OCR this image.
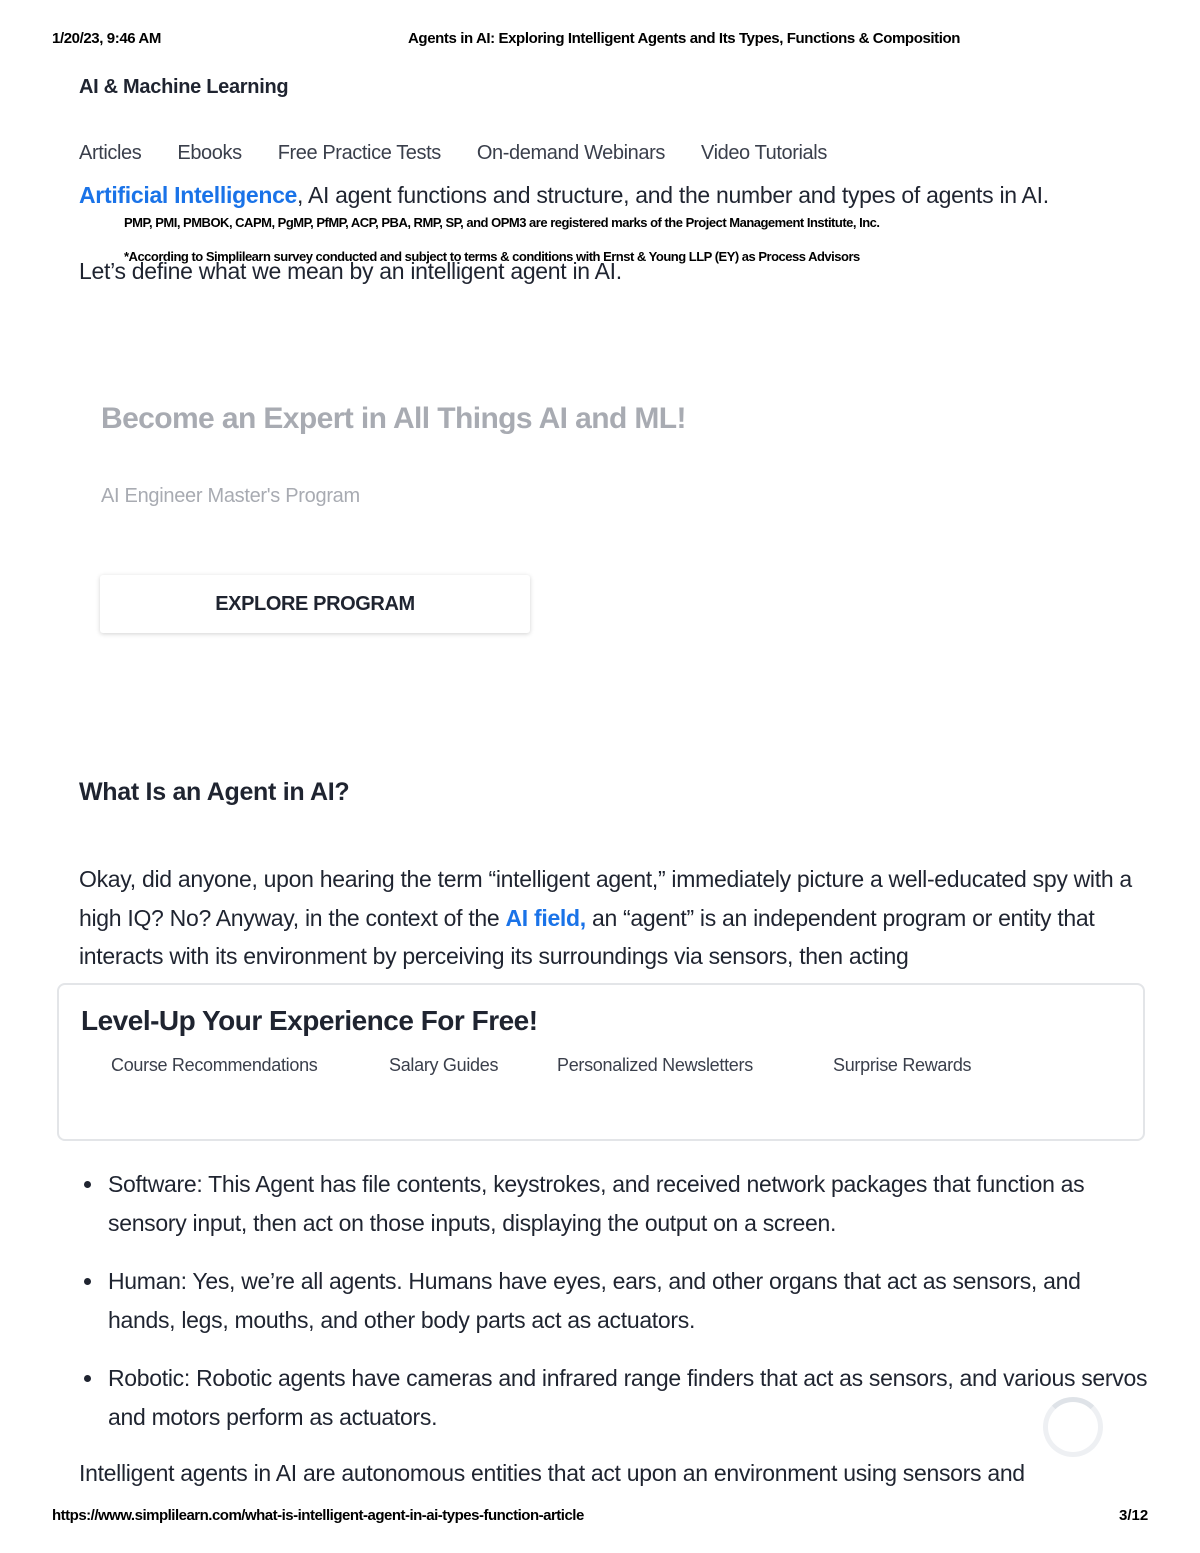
1/20/23, 9:46 AM	Agents in AI: Exploring Intelligent Agents and Its Types, Functions & Composition
AI & Machine Learning
Articles Ebooks Free Practice Tests On-demand Webinars Video Tutorials
Artificial Intelligence, AI agent functions and structure, and the number and types of agents in AI.
PMP, PMI, PMBOK, CAPM, PgMP, PfMP, ACP, PBA, RMP, SP, and OPM3 are registered marks of the Project Management Institute, Inc.
Let’s define what we mean by an intelligent agent in AI.
*According to Simplilearn survey conducted and subject to terms & conditions with Ernst & Young LLP (EY) as Process Advisors
Become an Expert in All Things AI and ML!
AI Engineer Master's Program
EXPLORE PROGRAM
What Is an Agent in AI?
Okay, did anyone, upon hearing the term “intelligent agent,” immediately picture a well-educated spy with a high IQ? No? Anyway, in the context of the AI field, an “agent” is an independent program or entity that interacts with its environment by perceiving its surroundings via sensors, then acting
Level-Up Your Experience For Free!
Course Recommendations	Salary Guides	Personalized Newsletters	Surprise Rewards
Software: This Agent has file contents, keystrokes, and received network packages that function as sensory input, then act on those inputs, displaying the output on a screen.
Human: Yes, we’re all agents. Humans have eyes, ears, and other organs that act as sensors, and hands, legs, mouths, and other body parts act as actuators.
Robotic: Robotic agents have cameras and infrared range finders that act as sensors, and various servos and motors perform as actuators.
Intelligent agents in AI are autonomous entities that act upon an environment using sensors and
https://www.simplilearn.com/what-is-intelligent-agent-in-ai-types-function-article	3/12
